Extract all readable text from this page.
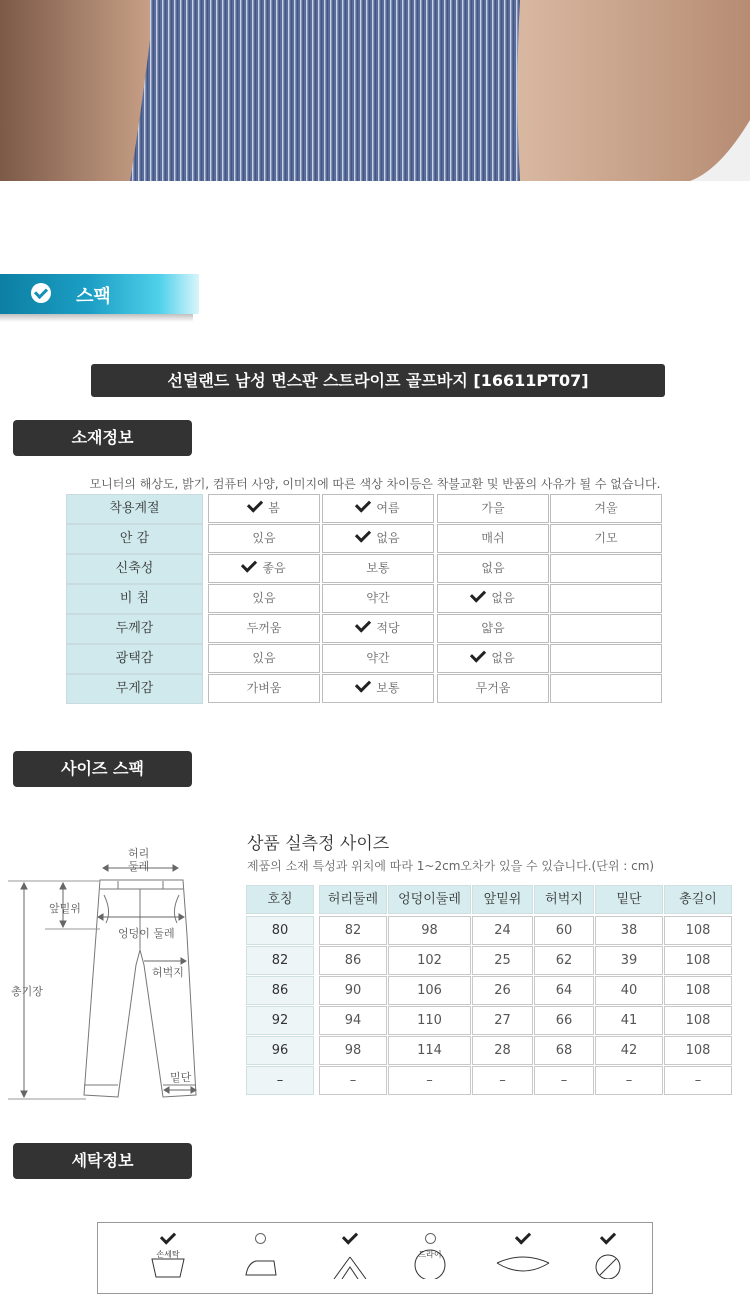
스팩
선덜랜드 남성 면스판 스트라이프 골프바지 [16611PT07]
소재정보
모니터의 해상도, 밝기, 컴퓨터 사양, 이미지에 따른 색상 차이등은 착불교환 및 반품의 사유가 될 수 없습니다.
착용계절	봄	여름	가을	겨울
안 감	있음	없음	매쉬	기모
신축성	좋음	보통	없음
비 침	있음	약간	없음
두께감	두꺼움	적당	얇음
광택감	있음	약간	없음
무게감	가벼움	보통	무거움
사이즈 스팩
허리
둘레
앞밑위
엉덩이 둘레
허벅지
총기장
밑단
상품 실측정 사이즈
제품의 소재 특성과 위치에 따라 1~2cm오차가 있을 수 있습니다.(단위 : cm)
호칭	허리둘레	엉덩이둘레	앞밑위	허벅지	밑단	총길이
80	82	98	24	60	38	108
82	86	102	25	62	39	108
86	90	106	26	64	40	108
92	94	110	27	66	41	108
96	98	114	28	68	42	108
–	–	–	–	–	–	–
세탁정보
손세탁	드라이
